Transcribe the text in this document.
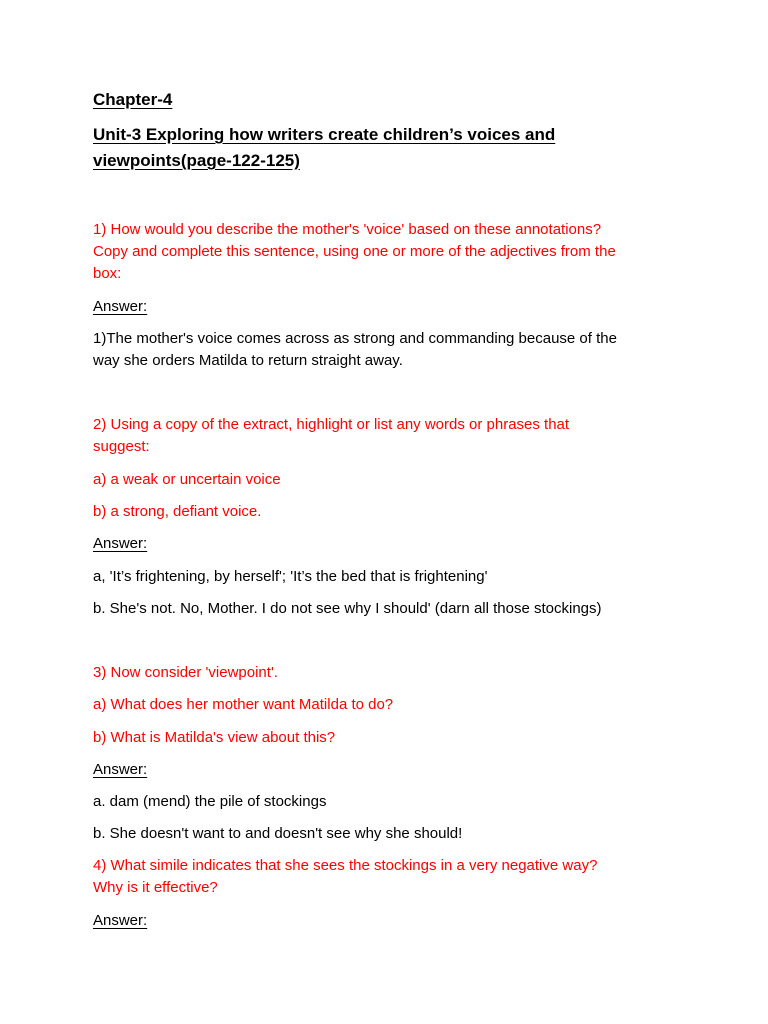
Chapter-4

Unit-3 Exploring how writers create children’s voices and

viewpoints(page-122-125)

1) How would you describe the mother's 'voice' based on these annotations?

Copy and complete this sentence, using one or more of the adjectives from the

box:

Answer:

1)The mother's voice comes across as strong and commanding because of the

way she orders Matilda to return straight away.

2) Using a copy of the extract, highlight or list any words or phrases that

suggest:

a) a weak or uncertain voice

b) a strong, defiant voice.

Answer:

a, 'It’s frightening, by herself'; 'It’s the bed that is frightening'

b. She's not. No, Mother. I do not see why I should' (darn all those stockings)

3) Now consider 'viewpoint'.

a) What does her mother want Matilda to do?

b) What is Matilda's view about this?

Answer:

a. dam (mend) the pile of stockings

b. She doesn't want to and doesn't see why she should!

4) What simile indicates that she sees the stockings in a very negative way?

Why is it effective?

Answer:
